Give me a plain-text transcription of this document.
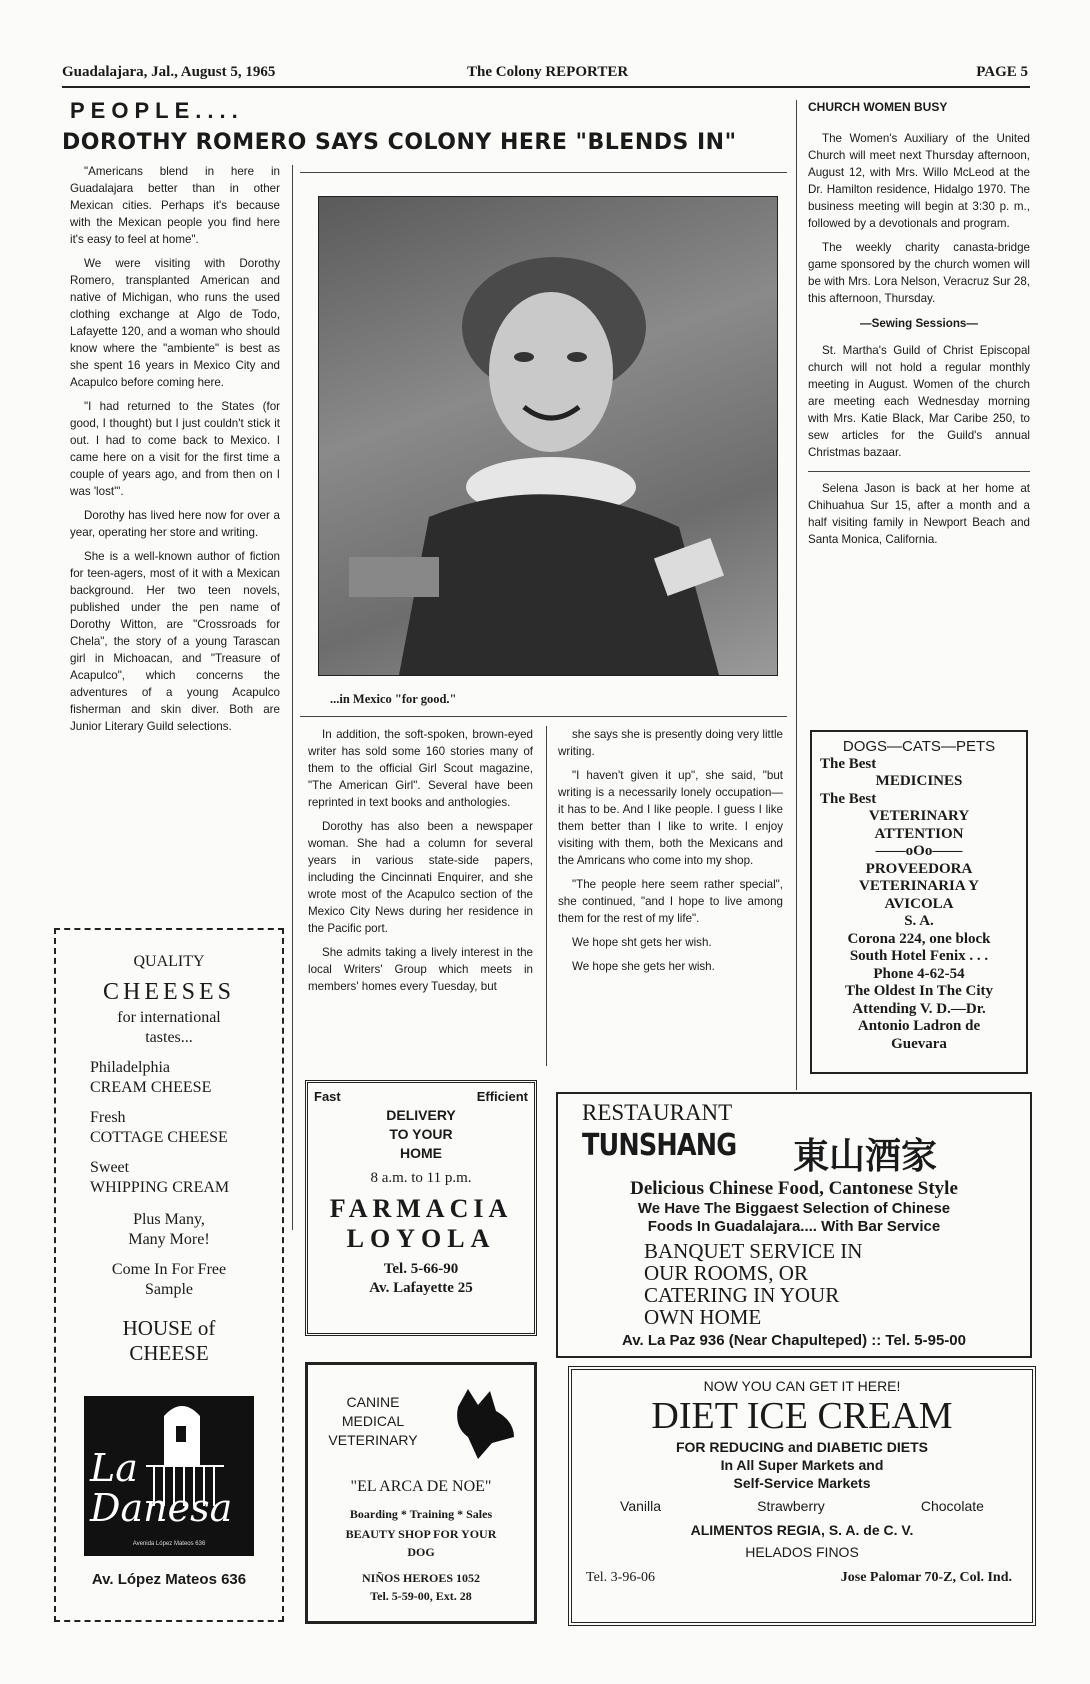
Guadalajara, Jal., August 5, 1965	The Colony REPORTER	PAGE 5
PEOPLE....
DOROTHY ROMERO SAYS COLONY HERE "BLENDS IN"

"Americans blend in here in Guadalajara better than in other Mexican cities. Perhaps it's because with the Mexican people you find here it's easy to feel at home".

We were visiting with Dorothy Romero, transplanted American and native of Michigan, who runs the used clothing exchange at Algo de Todo, Lafayette 120, and a woman who should know where the "ambiente" is best as she spent 16 years in Mexico City and Acapulco before coming here.

"I had returned to the States (for good, I thought) but I just couldn't stick it out. I had to come back to Mexico. I came here on a visit for the first time a couple of years ago, and from then on I was 'lost'".

Dorothy has lived here now for over a year, operating her store and writing.

She is a well-known author of fiction for teen-agers, most of it with a Mexican background. Her two teen novels, published under the pen name of Dorothy Witton, are "Crossroads for Chela", the story of a young Tarascan girl in Michoacan, and "Treasure of Acapulco", which concerns the adventures of a young Acapulco fisherman and skin diver. Both are Junior Literary Guild selections.

...in Mexico "for good."

In addition, the soft-spoken, brown-eyed writer has sold some 160 stories many of them to the official Girl Scout magazine, "The American Girl". Several have been reprinted in text books and anthologies.

Dorothy has also been a newspaper woman. She had a column for several years in various state-side papers, including the Cincinnati Enquirer, and she wrote most of the Acapulco section of the Mexico City News during her residence in the Pacific port.

She admits taking a lively interest in the local Writers' Group which meets in members' homes every Tuesday, but

she says she is presently doing very little writing.

"I haven't given it up", she said, "but writing is a necessarily lonely occupation— it has to be. And I like people. I guess I like them better than I like to write. I enjoy visiting with them, both the Mexicans and the Amricans who come into my shop.

"The people here seem rather special", she continued, "and I hope to live among them for the rest of my life".

We hope sht gets her wish.

We hope she gets her wish.

CHURCH WOMEN BUSY

The Women's Auxiliary of the United Church will meet next Thursday afternoon, August 12, with Mrs. Willo McLeod at the Dr. Hamilton residence, Hidalgo 1970. The business meeting will begin at 3:30 p. m., followed by a devotionals and program.

The weekly charity canasta-bridge game sponsored by the church women will be with Mrs. Lora Nelson, Veracruz Sur 28, this afternoon, Thursday.

—Sewing Sessions—

St. Martha's Guild of Christ Episcopal church will not hold a regular monthly meeting in August. Women of the church are meeting each Wednesday morning with Mrs. Katie Black, Mar Caribe 250, to sew articles for the Guild's annual Christmas bazaar.

Selena Jason is back at her home at Chihuahua Sur 15, after a month and a half visiting family in Newport Beach and Santa Monica, California.

DOGS—CATS—PETS
The Best
MEDICINES
The Best
VETERINARY
ATTENTION
——oOo——
PROVEEDORA
VETERINARIA Y
AVICOLA
S. A.
Corona 224, one block
South Hotel Fenix . . .
Phone 4-62-54
The Oldest In The City
Attending V. D.—Dr.
Antonio Ladron de
Guevara
QUALITY
CHEESES
for international
tastes...
Philadelphia
CREAM CHEESE
Fresh
COTTAGE CHEESE
Sweet
WHIPPING CREAM
Plus Many,
Many More!
Come In For Free
Sample
HOUSE of
CHEESE
La Danesa
Avenida López Mateos 636
Av. López Mateos 636
Fast	Efficient
DELIVERY
TO YOUR
HOME
8 a.m. to 11 p.m.
FARMACIA
LOYOLA
Tel. 5-66-90
Av. Lafayette 25
RESTAURANT
TUNSHANG 東山酒家
Delicious Chinese Food, Cantonese Style
We Have The Biggaest Selection of Chinese
Foods In Guadalajara.... With Bar Service
BANQUET SERVICE IN
OUR ROOMS, OR
CATERING IN YOUR
OWN HOME
Av. La Paz 936 (Near Chapulteped) :: Tel. 5-95-00
CANINE
MEDICAL
VETERINARY
"EL ARCA DE NOE"
Boarding * Training * Sales
BEAUTY SHOP FOR YOUR
DOG
NIÑOS HEROES 1052
Tel. 5-59-00, Ext. 28
NOW YOU CAN GET IT HERE!
DIET ICE CREAM
FOR REDUCING and DIABETIC DIETS
In All Super Markets and
Self-Service Markets
Vanilla	Strawberry	Chocolate
ALIMENTOS REGIA, S. A. de C. V.
HELADOS FINOS
Tel. 3-96-06	Jose Palomar 70-Z, Col. Ind.
